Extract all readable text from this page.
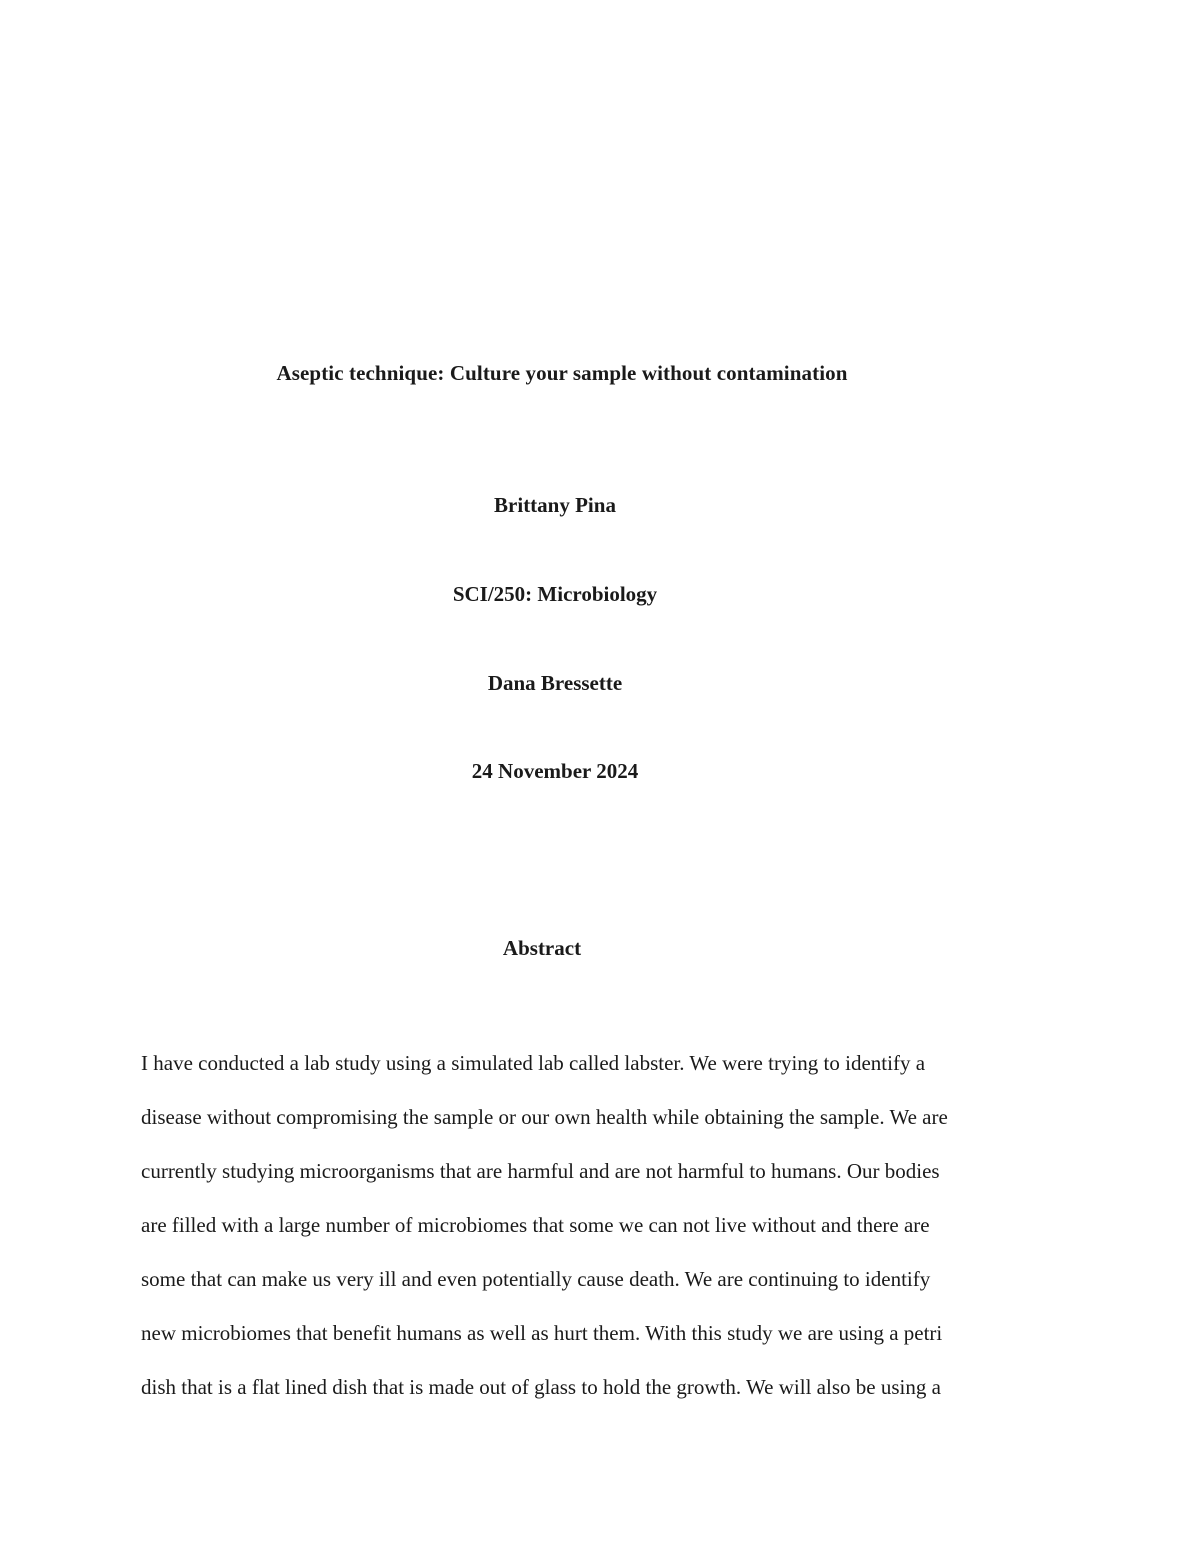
Aseptic technique: Culture your sample without contamination
Brittany Pina
SCI/250: Microbiology
Dana Bressette
24 November 2024
Abstract
I have conducted a lab study using a simulated lab called labster. We were trying to identify a
disease without compromising the sample or our own health while obtaining the sample. We are
currently studying microorganisms that are harmful and are not harmful to humans. Our bodies
are filled with a large number of microbiomes that some we can not live without and there are
some that can make us very ill and even potentially cause death. We are continuing to identify
new microbiomes that benefit humans as well as hurt them. With this study we are using a petri
dish that is a flat lined dish that is made out of glass to hold the growth. We will also be using a
